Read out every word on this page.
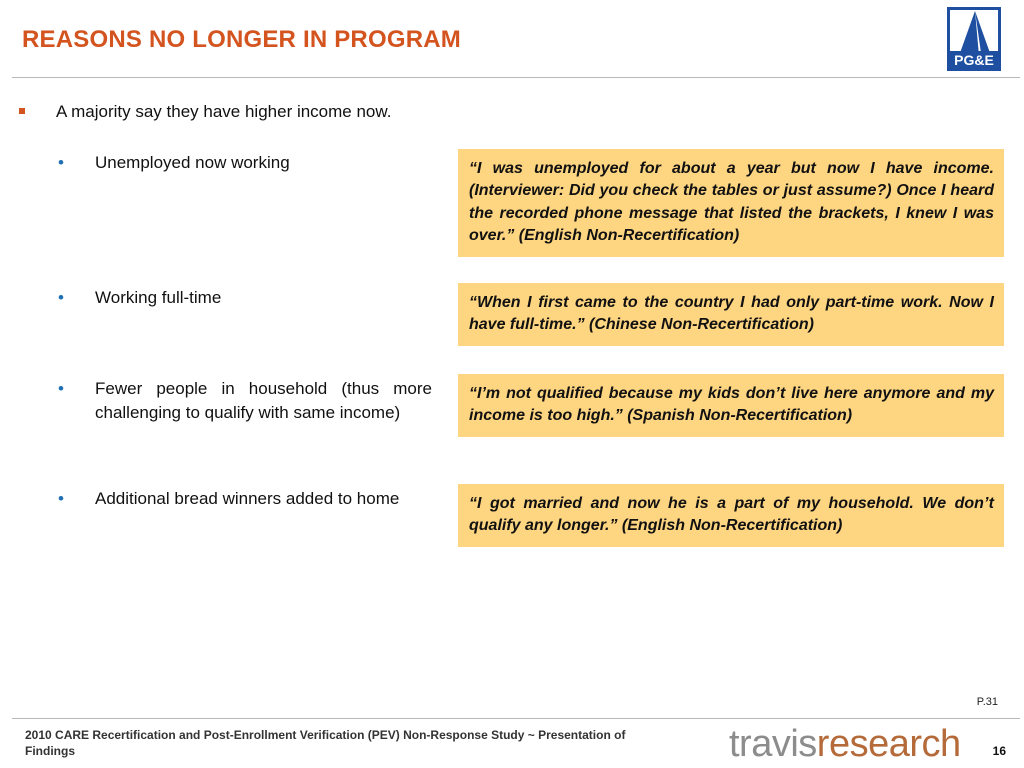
REASONS NO LONGER IN PROGRAM
PG&E
A majority say they have higher income now.
• Unemployed now working
• Working full-time
• Fewer people in household (thus more challenging to qualify with same income)
• Additional bread winners added to home
“I was unemployed for about a year but now I have income. (Interviewer: Did you check the tables or just assume?) Once I heard the recorded phone message that listed the brackets, I knew I was over.” (English Non-Recertification)
“When I first came to the country I had only part-time work. Now I have full-time.” (Chinese Non-Recertification)
“I’m not qualified because my kids don’t live here anymore and my income is too high.” (Spanish Non-Recertification)
“I got married and now he is a part of my household. We don’t qualify any longer.” (English Non-Recertification)
P.31
2010 CARE Recertification and Post-Enrollment Verification (PEV) Non-Response Study ~ Presentation of Findings	travisresearch	16
